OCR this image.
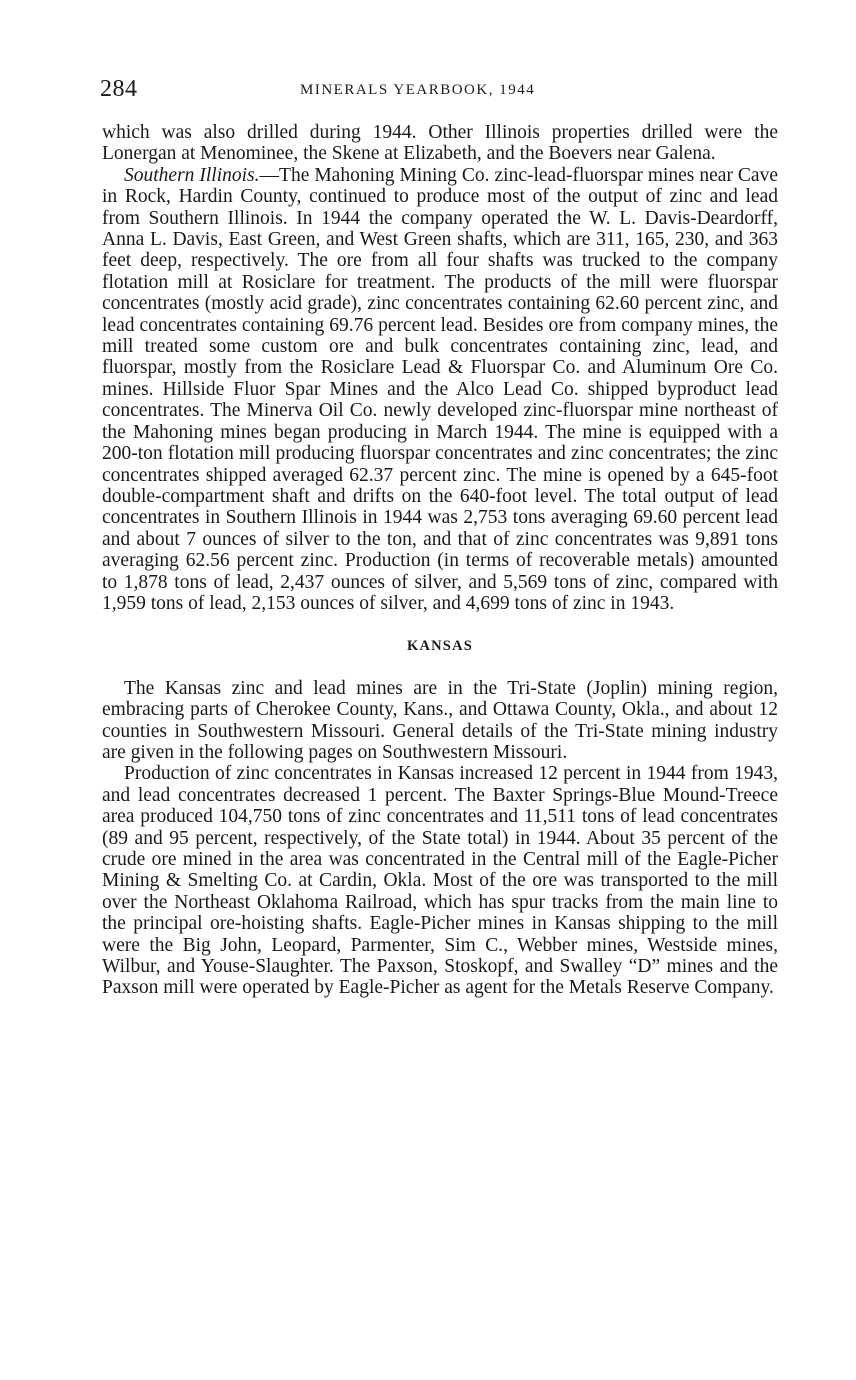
284	MINERALS YEARBOOK, 1944

which was also drilled during 1944. Other Illinois properties drilled were the Lonergan at Menominee, the Skene at Elizabeth, and the Boevers near Galena.

Southern Illinois.—The Mahoning Mining Co. zinc-lead-fluorspar mines near Cave in Rock, Hardin County, continued to produce most of the output of zinc and lead from Southern Illinois. In 1944 the company operated the W. L. Davis-Deardorff, Anna L. Davis, East Green, and West Green shafts, which are 311, 165, 230, and 363 feet deep, respectively. The ore from all four shafts was trucked to the company flotation mill at Rosiclare for treatment. The products of the mill were fluorspar concentrates (mostly acid grade), zinc concentrates containing 62.60 percent zinc, and lead concentrates containing 69.76 percent lead. Besides ore from company mines, the mill treated some custom ore and bulk concentrates containing zinc, lead, and fluorspar, mostly from the Rosiclare Lead & Fluorspar Co. and Aluminum Ore Co. mines. Hillside Fluor Spar Mines and the Alco Lead Co. shipped byproduct lead concentrates. The Minerva Oil Co. newly developed zinc-fluorspar mine northeast of the Mahoning mines began producing in March 1944. The mine is equipped with a 200-ton flotation mill producing fluorspar concentrates and zinc concentrates; the zinc concentrates shipped averaged 62.37 percent zinc. The mine is opened by a 645-foot double-compartment shaft and drifts on the 640-foot level. The total output of lead concentrates in Southern Illinois in 1944 was 2,753 tons averaging 69.60 percent lead and about 7 ounces of silver to the ton, and that of zinc concentrates was 9,891 tons averaging 62.56 percent zinc. Production (in terms of recoverable metals) amounted to 1,878 tons of lead, 2,437 ounces of silver, and 5,569 tons of zinc, compared with 1,959 tons of lead, 2,153 ounces of silver, and 4,699 tons of zinc in 1943.

KANSAS

The Kansas zinc and lead mines are in the Tri-State (Joplin) mining region, embracing parts of Cherokee County, Kans., and Ottawa County, Okla., and about 12 counties in Southwestern Missouri. General details of the Tri-State mining industry are given in the following pages on Southwestern Missouri.

Production of zinc concentrates in Kansas increased 12 percent in 1944 from 1943, and lead concentrates decreased 1 percent. The Baxter Springs-Blue Mound-Treece area produced 104,750 tons of zinc concentrates and 11,511 tons of lead concentrates (89 and 95 percent, respectively, of the State total) in 1944. About 35 percent of the crude ore mined in the area was concentrated in the Central mill of the Eagle-Picher Mining & Smelting Co. at Cardin, Okla. Most of the ore was transported to the mill over the Northeast Oklahoma Railroad, which has spur tracks from the main line to the principal ore-hoisting shafts. Eagle-Picher mines in Kansas shipping to the mill were the Big John, Leopard, Parmenter, Sim C., Webber mines, Westside mines, Wilbur, and Youse-Slaughter. The Paxson, Stoskopf, and Swalley “D” mines and the Paxson mill were operated by Eagle-Picher as agent for the Metals Reserve Company.
